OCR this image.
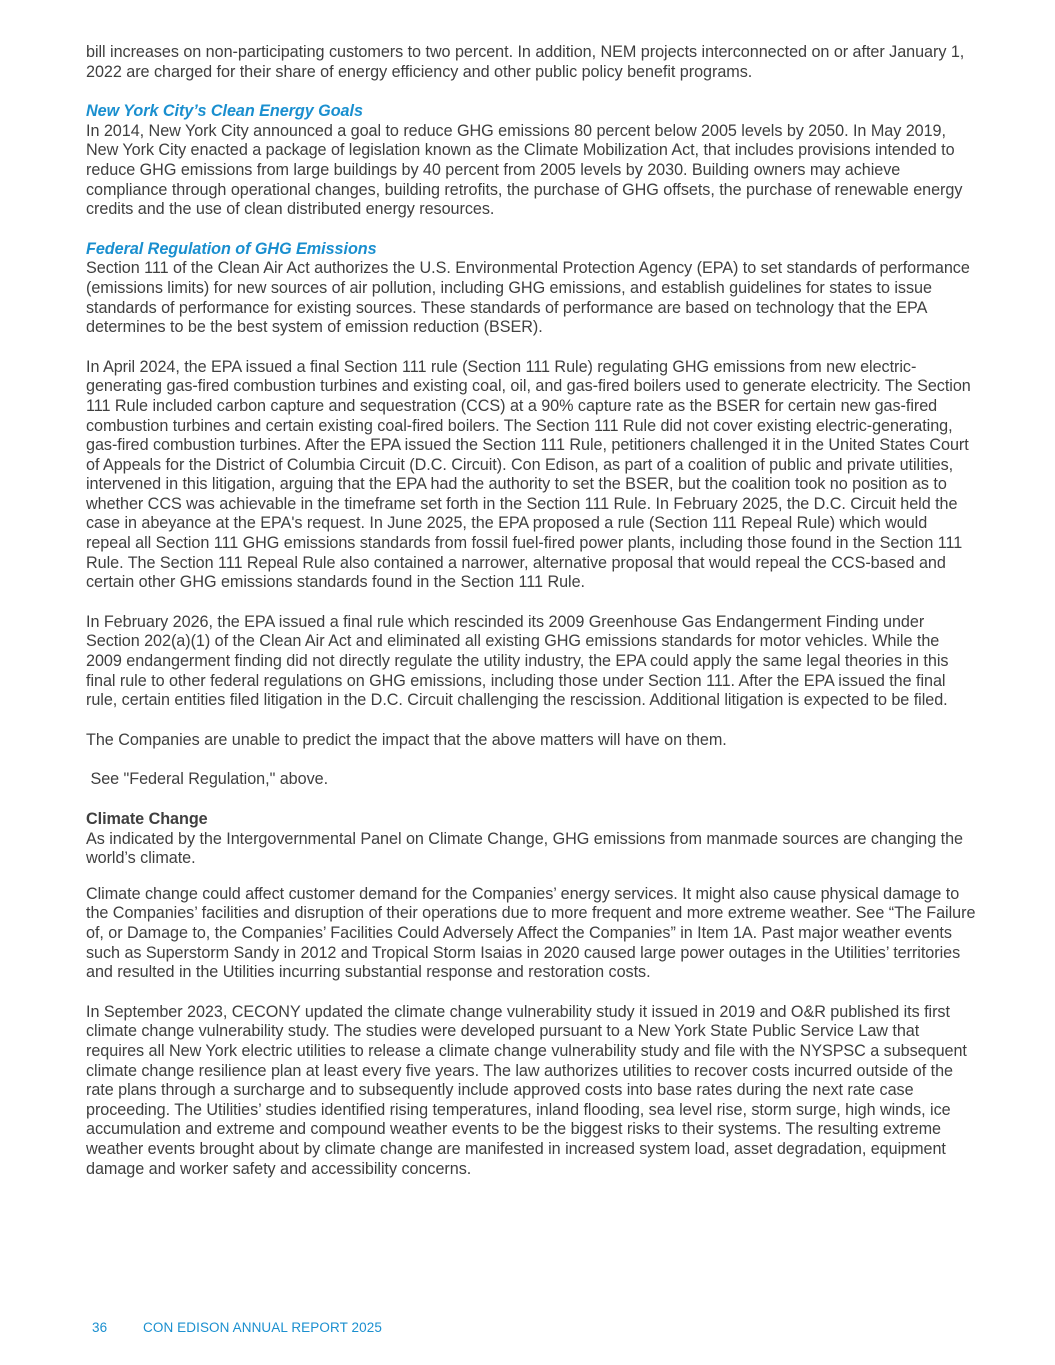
bill increases on non-participating customers to two percent. In addition, NEM projects interconnected on or after January 1, 2022 are charged for their share of energy efficiency and other public policy benefit programs.

New York City’s Clean Energy Goals

In 2014, New York City announced a goal to reduce GHG emissions 80 percent below 2005 levels by 2050. In May 2019, New York City enacted a package of legislation known as the Climate Mobilization Act, that includes provisions intended to reduce GHG emissions from large buildings by 40 percent from 2005 levels by 2030. Building owners may achieve compliance through operational changes, building retrofits, the purchase of GHG offsets, the purchase of renewable energy credits and the use of clean distributed energy resources.

Federal Regulation of GHG Emissions

Section 111 of the Clean Air Act authorizes the U.S. Environmental Protection Agency (EPA) to set standards of performance (emissions limits) for new sources of air pollution, including GHG emissions, and establish guidelines for states to issue standards of performance for existing sources. These standards of performance are based on technology that the EPA determines to be the best system of emission reduction (BSER).

In April 2024, the EPA issued a final Section 111 rule (Section 111 Rule) regulating GHG emissions from new electric-generating gas-fired combustion turbines and existing coal, oil, and gas-fired boilers used to generate electricity. The Section 111 Rule included carbon capture and sequestration (CCS) at a 90% capture rate as the BSER for certain new gas-fired combustion turbines and certain existing coal-fired boilers. The Section 111 Rule did not cover existing electric-generating, gas-fired combustion turbines. After the EPA issued the Section 111 Rule, petitioners challenged it in the United States Court of Appeals for the District of Columbia Circuit (D.C. Circuit). Con Edison, as part of a coalition of public and private utilities, intervened in this litigation, arguing that the EPA had the authority to set the BSER, but the coalition took no position as to whether CCS was achievable in the timeframe set forth in the Section 111 Rule. In February 2025, the D.C. Circuit held the case in abeyance at the EPA's request. In June 2025, the EPA proposed a rule (Section 111 Repeal Rule) which would repeal all Section 111 GHG emissions standards from fossil fuel-fired power plants, including those found in the Section 111 Rule. The Section 111 Repeal Rule also contained a narrower, alternative proposal that would repeal the CCS-based and certain other GHG emissions standards found in the Section 111 Rule.

In February 2026, the EPA issued a final rule which rescinded its 2009 Greenhouse Gas Endangerment Finding under Section 202(a)(1) of the Clean Air Act and eliminated all existing GHG emissions standards for motor vehicles. While the 2009 endangerment finding did not directly regulate the utility industry, the EPA could apply the same legal theories in this final rule to other federal regulations on GHG emissions, including those under Section 111. After the EPA issued the final rule, certain entities filed litigation in the D.C. Circuit challenging the rescission. Additional litigation is expected to be filed.

The Companies are unable to predict the impact that the above matters will have on them.

See "Federal Regulation," above.

Climate Change

As indicated by the Intergovernmental Panel on Climate Change, GHG emissions from manmade sources are changing the world’s climate.

Climate change could affect customer demand for the Companies’ energy services. It might also cause physical damage to the Companies’ facilities and disruption of their operations due to more frequent and more extreme weather. See “The Failure of, or Damage to, the Companies’ Facilities Could Adversely Affect the Companies” in Item 1A. Past major weather events such as Superstorm Sandy in 2012 and Tropical Storm Isaias in 2020 caused large power outages in the Utilities’ territories and resulted in the Utilities incurring substantial response and restoration costs.

In September 2023, CECONY updated the climate change vulnerability study it issued in 2019 and O&R published its first climate change vulnerability study. The studies were developed pursuant to a New York State Public Service Law that requires all New York electric utilities to release a climate change vulnerability study and file with the NYSPSC a subsequent climate change resilience plan at least every five years. The law authorizes utilities to recover costs incurred outside of the rate plans through a surcharge and to subsequently include approved costs into base rates during the next rate case proceeding. The Utilities’ studies identified rising temperatures, inland flooding, sea level rise, storm surge, high winds, ice accumulation and extreme and compound weather events to be the biggest risks to their systems. The resulting extreme weather events brought about by climate change are manifested in increased system load, asset degradation, equipment damage and worker safety and accessibility concerns.

36	CON EDISON ANNUAL REPORT 2025
